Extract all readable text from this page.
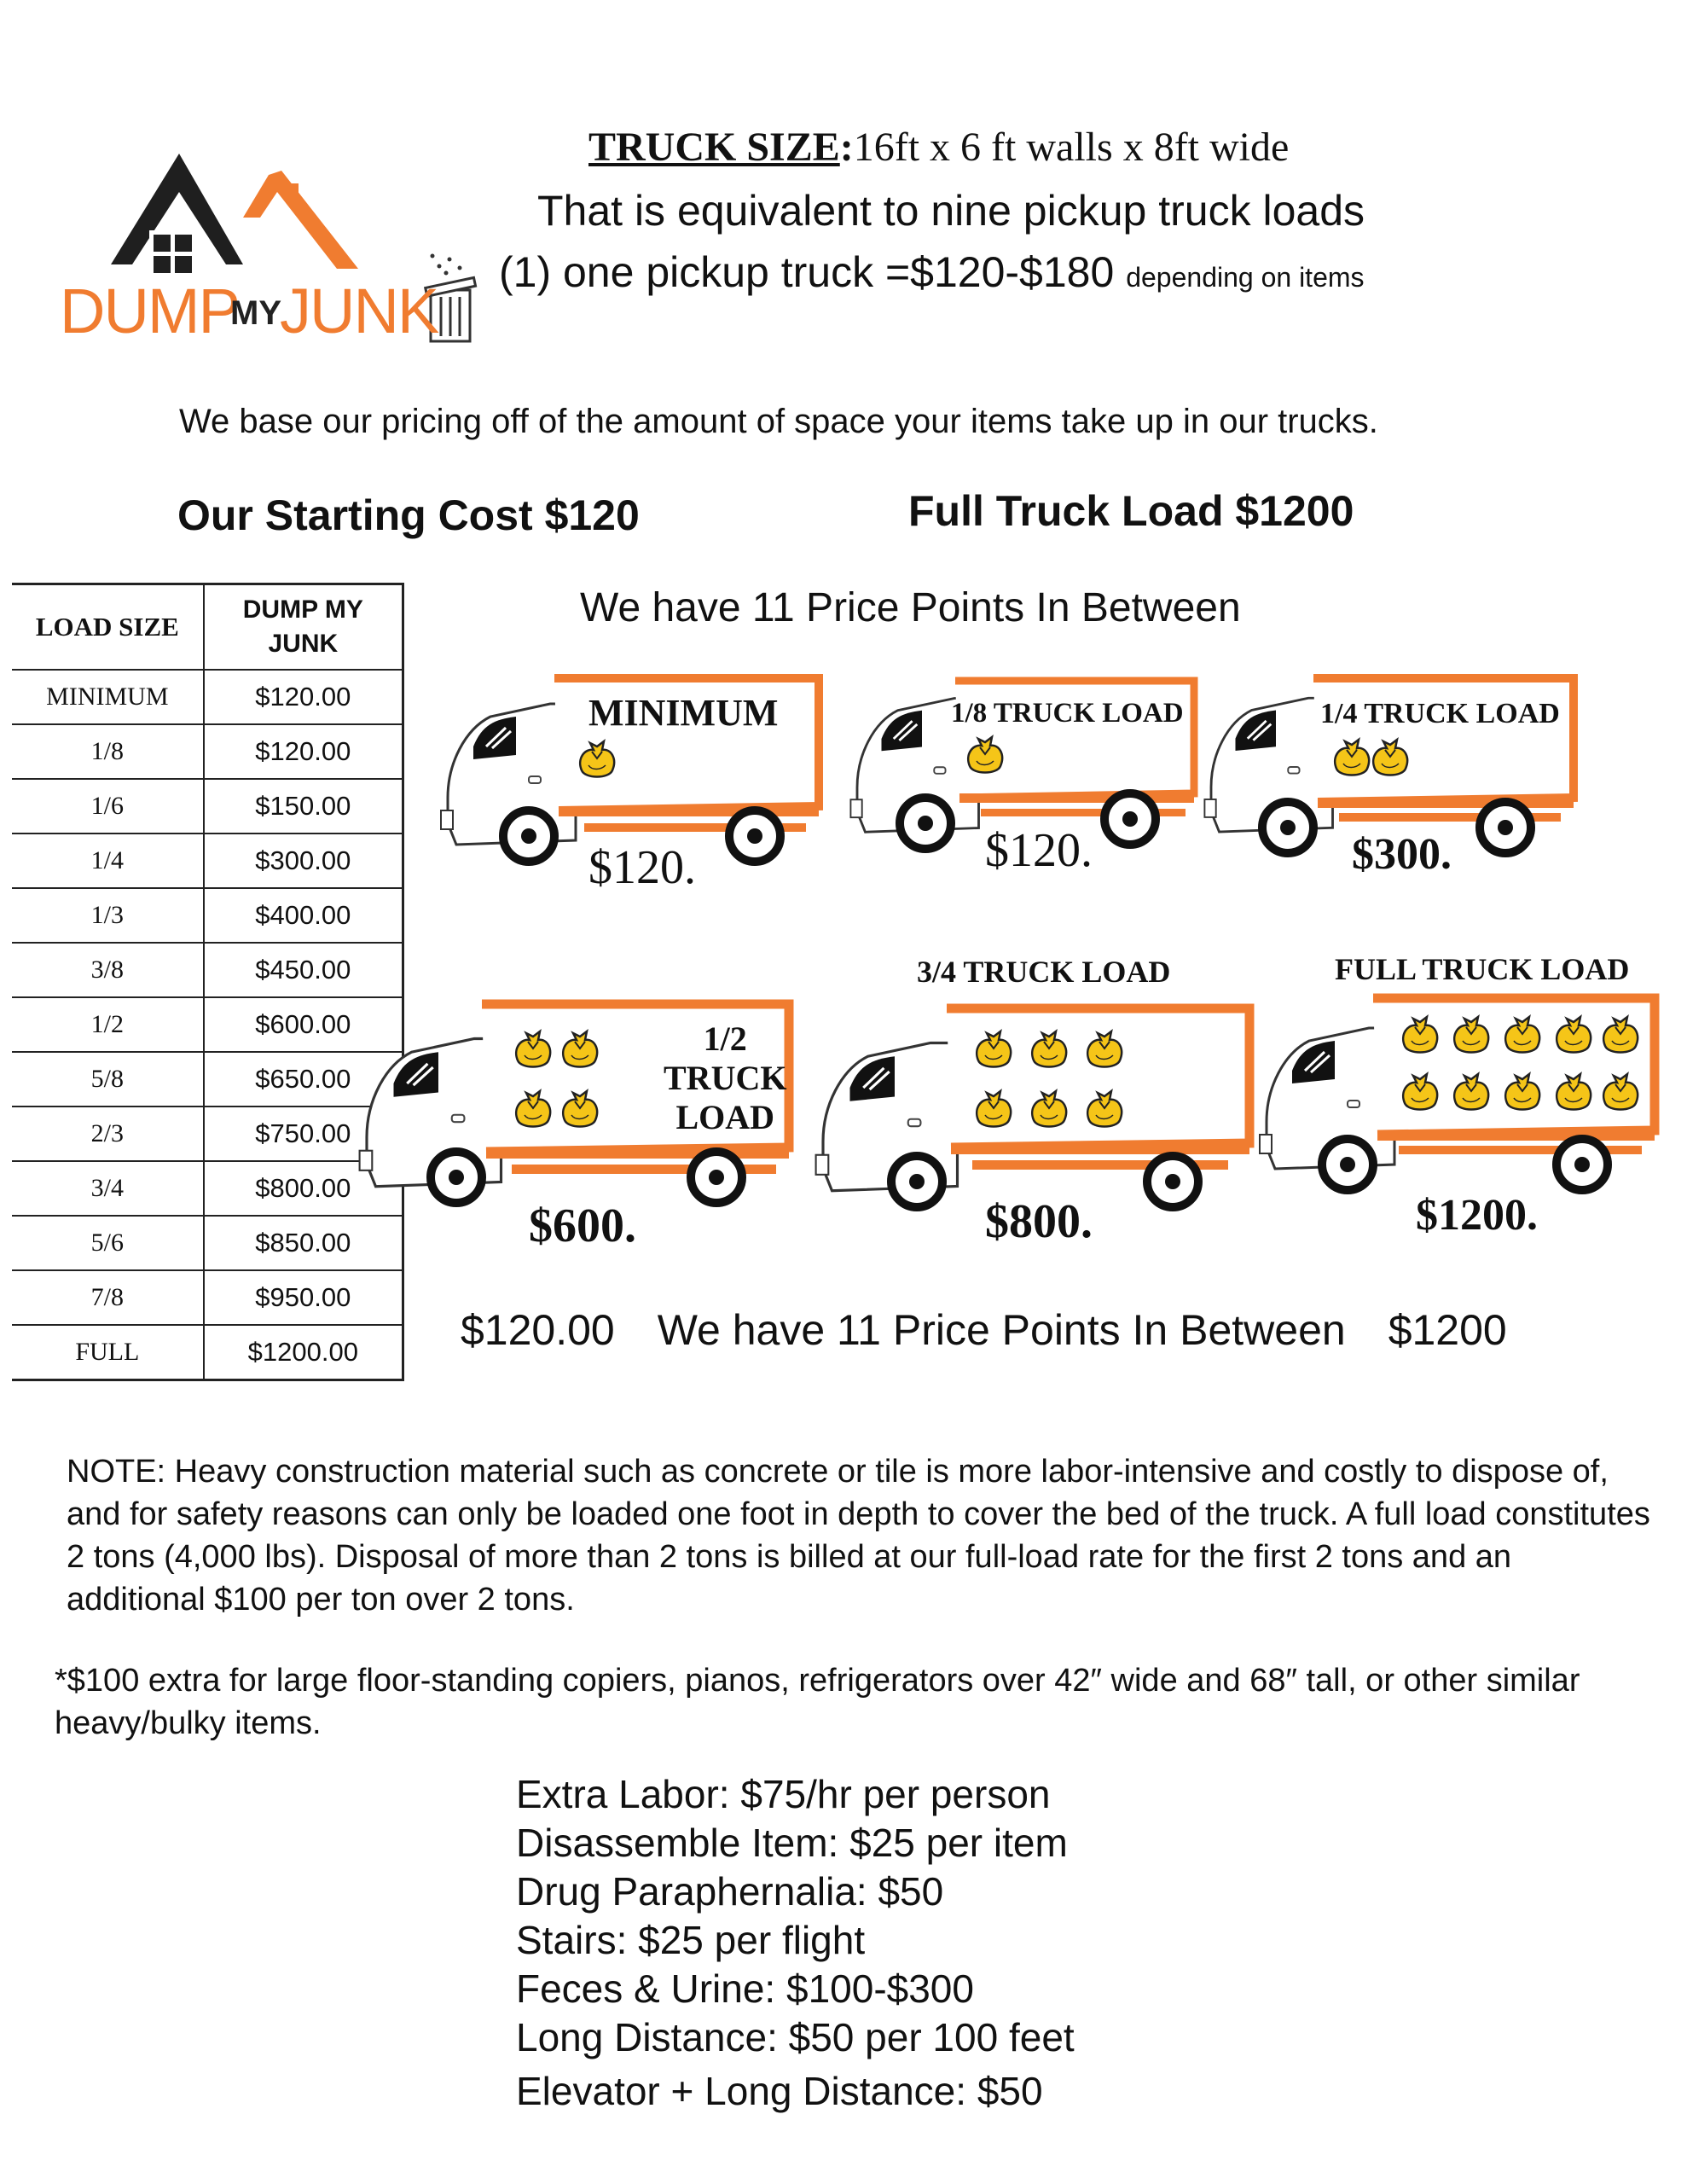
DUMP
MY
JUNK
TRUCK SIZE:16ft x 6 ft walls x 8ft wide
That is equivalent to nine pickup truck loads
(1) one pickup truck =$120-$180 depending on items
We base our pricing off of the amount of space your items take up in our trucks.
Our Starting Cost $120	Full Truck Load $1200
We have 11 Price Points In Between
LOAD SIZE	DUMP MY
JUNK

MINIMUM	$120.00
1/8	$120.00
1/6	$150.00
1/4	$300.00
1/3	$400.00
3/8	$450.00
1/2	$600.00
5/8	$650.00
2/3	$750.00
3/4	$800.00
5/6	$850.00
7/8	$950.00
FULL	$1200.00
MINIMUM
$120.
1/8 TRUCK LOAD
$120.
1/4 TRUCK LOAD
$300.
1/2
TRUCK
LOAD
$600.
3/4 TRUCK LOAD
$800.
FULL TRUCK LOAD
$1200.
$120.00 We have 11 Price Points In Between $1200
NOTE: Heavy construction material such as concrete or tile is more labor-intensive and costly to dispose of, and for safety reasons can only be loaded one foot in depth to cover the bed of the truck. A full load constitutes 2 tons (4,000 lbs). Disposal of more than 2 tons is billed at our full-load rate for the first 2 tons and an additional $100 per ton over 2 tons.
*$100 extra for large floor-standing copiers, pianos, refrigerators over 42″ wide and 68″ tall, or other similar heavy/bulky items.
Extra Labor: $75/hr per person
Disassemble Item: $25 per item
Drug Paraphernalia: $50
Stairs: $25 per flight
Feces & Urine: $100-$300
Long Distance: $50 per 100 feet
Elevator + Long Distance: $50
